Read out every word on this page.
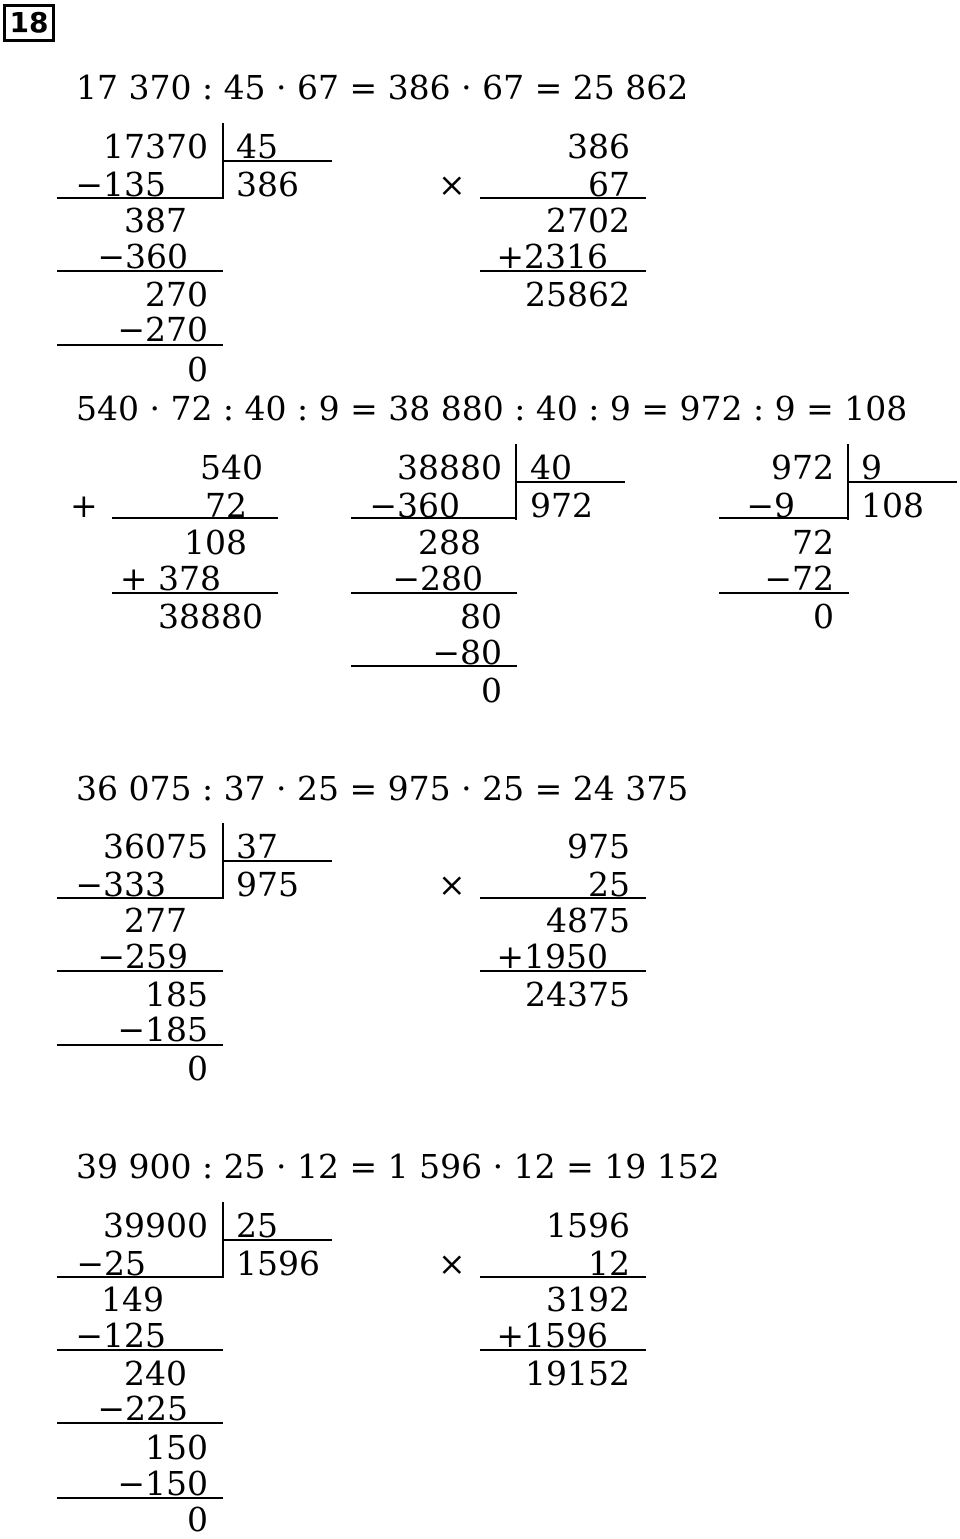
18
17 370 : 45 · 67 = 386 · 67 = 25 862
17370 45
386
−135
387
−360
270
−270
0
386
×	67
2702
+2316
25862
540 · 72 : 40 : 9 = 38 880 : 40 : 9 = 972 : 9 = 108
540
+	72
108
+ 378
38880
38880 40
972
−360
288
−280
80
−80
0
972 9
108
−9
72
−72
0
36 075 : 37 · 25 = 975 · 25 = 24 375
36075 37
975
−333
277
−259
185
−185
0
975
×	25
4875
+1950
24375
39 900 : 25 · 12 = 1 596 · 12 = 19 152
39900 25
1596
−25
149
−125
240
−225
150
−150
0
1596
×	12
3192
+1596
19152
